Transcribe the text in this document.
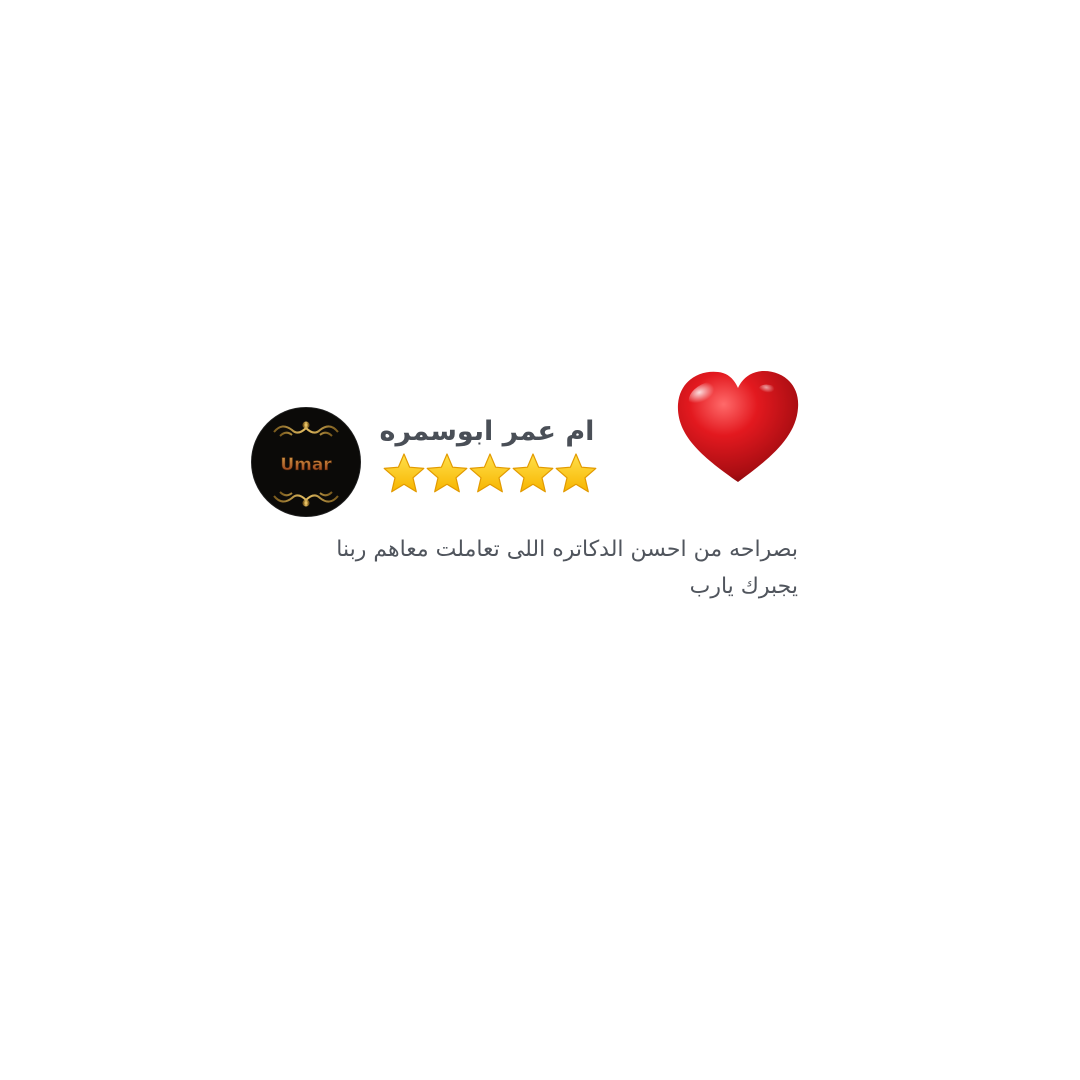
Umar
ام عمر ابوسمره
بصراحه من احسن الدكاتره اللى تعاملت معاهم ربنا يجبرك يارب
